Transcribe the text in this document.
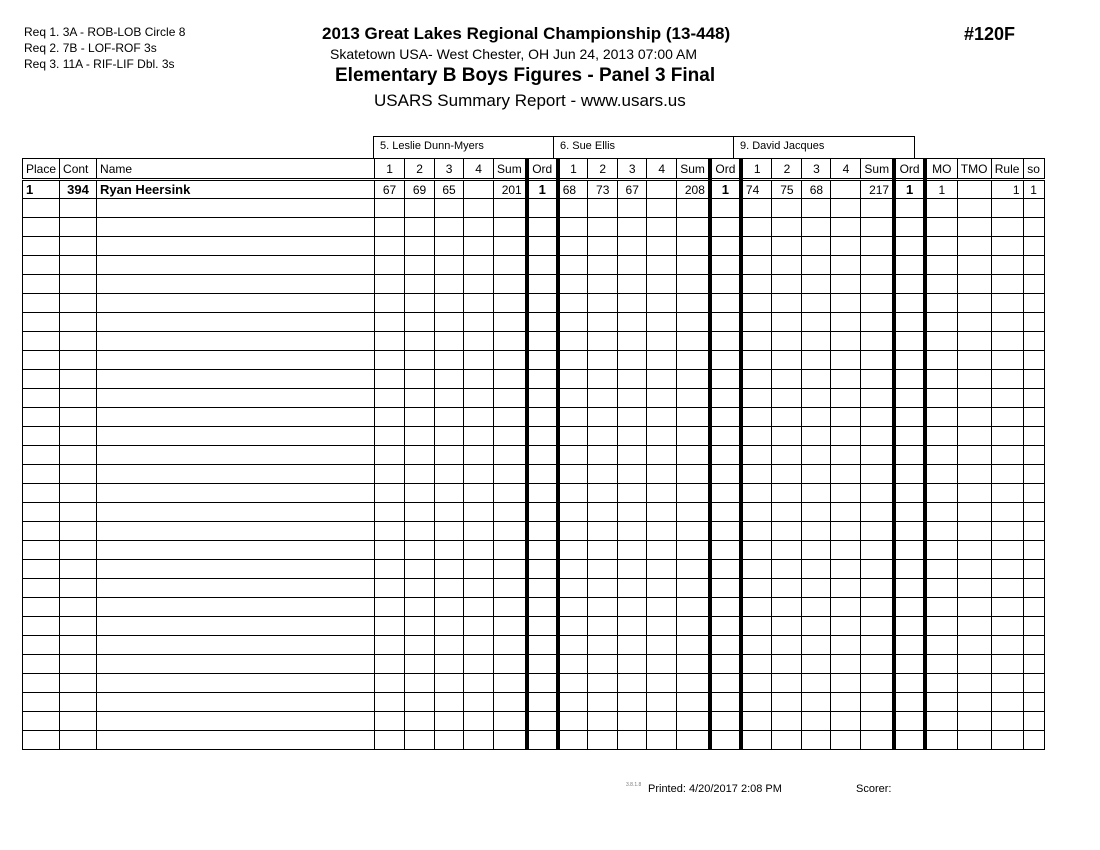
Req 1. 3A - ROB-LOB Circle 8
Req 2. 7B - LOF-ROF 3s
Req 3. 11A - RIF-LIF Dbl. 3s
2013 Great Lakes Regional Championship (13-448)
Skatetown USA- West Chester, OH Jun 24, 2013 07:00 AM
Elementary B Boys Figures - Panel 3 Final
USARS Summary Report - www.usars.us
#120F
5. Leslie Dunn-Myers	6. Sue Ellis	9. David Jacques
Place	Cont	Name	1	2	3	4	Sum	Ord	1	2	3	4	Sum	Ord	1	2	3	4	Sum	Ord	MO	TMO	Rule	so
1	394	Ryan Heersink	67	69	65		201	1	68	73	67		208	1	74	75	68		217	1	1		1	1

3.8.1.8 Printed: 4/20/2017 2:08 PM	Scorer:
